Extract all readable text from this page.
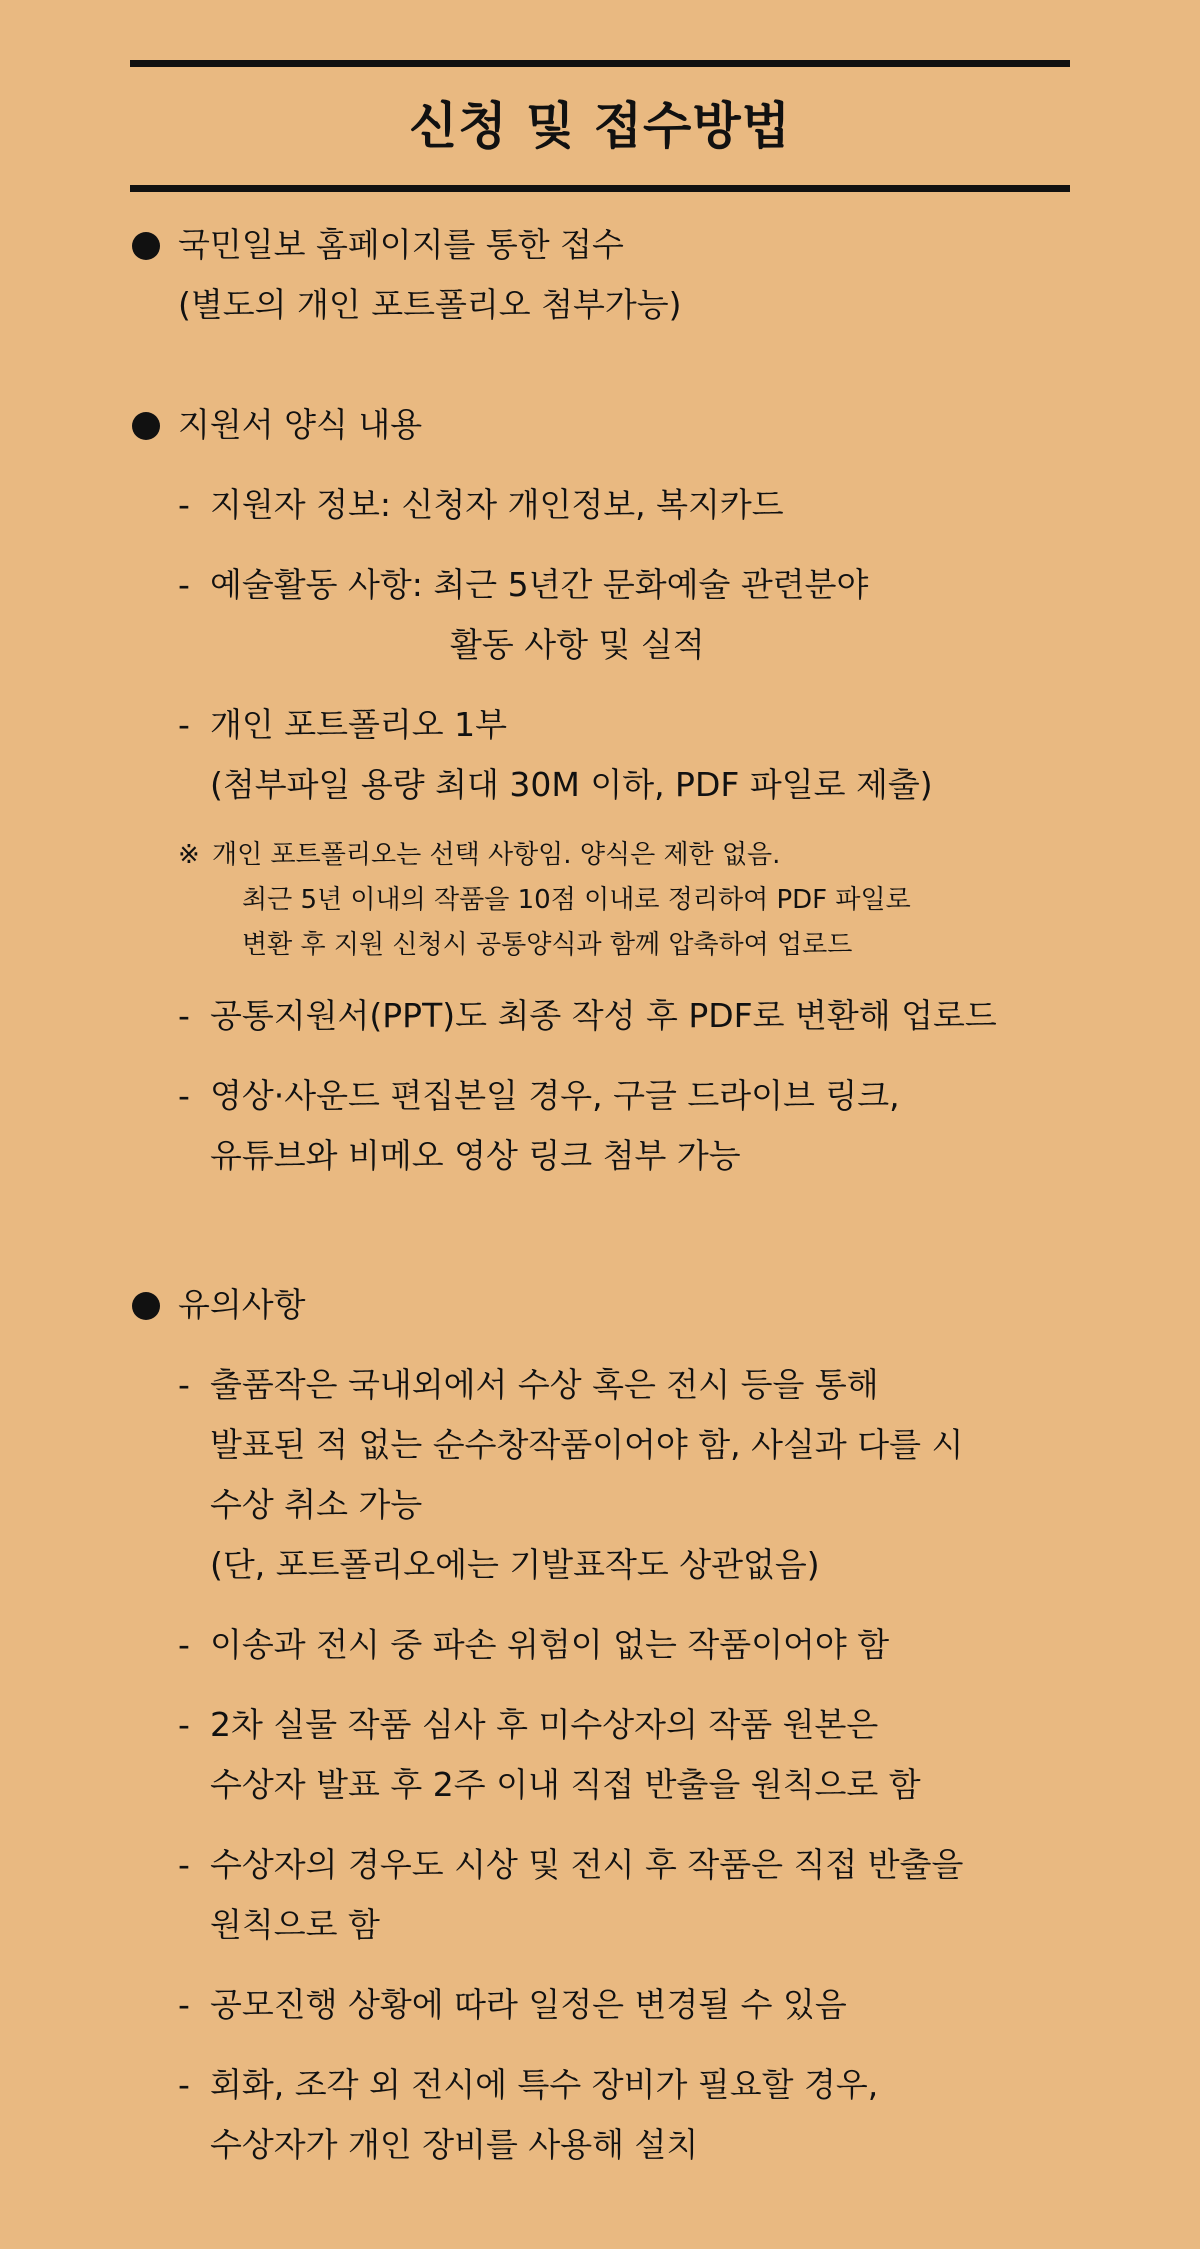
신청 및 접수방법
국민일보 홈페이지를 통한 접수
(별도의 개인 포트폴리오 첨부가능)
지원서 양식 내용
- 지원자 정보: 신청자 개인정보, 복지카드
- 예술활동 사항: 최근 5년간 문화예술 관련분야
활동 사항 및 실적
- 개인 포트폴리오 1부
(첨부파일 용량 최대 30M 이하, PDF 파일로 제출)
※ 개인 포트폴리오는 선택 사항임. 양식은 제한 없음.
최근 5년 이내의 작품을 10점 이내로 정리하여 PDF 파일로
변환 후 지원 신청시 공통양식과 함께 압축하여 업로드
- 공통지원서(PPT)도 최종 작성 후 PDF로 변환해 업로드
- 영상·사운드 편집본일 경우, 구글 드라이브 링크,
유튜브와 비메오 영상 링크 첨부 가능
유의사항
- 출품작은 국내외에서 수상 혹은 전시 등을 통해
발표된 적 없는 순수창작품이어야 함, 사실과 다를 시
수상 취소 가능
(단, 포트폴리오에는 기발표작도 상관없음)
- 이송과 전시 중 파손 위험이 없는 작품이어야 함
- 2차 실물 작품 심사 후 미수상자의 작품 원본은
수상자 발표 후 2주 이내 직접 반출을 원칙으로 함
- 수상자의 경우도 시상 및 전시 후 작품은 직접 반출을
원칙으로 함
- 공모진행 상황에 따라 일정은 변경될 수 있음
- 회화, 조각 외 전시에 특수 장비가 필요할 경우,
수상자가 개인 장비를 사용해 설치
